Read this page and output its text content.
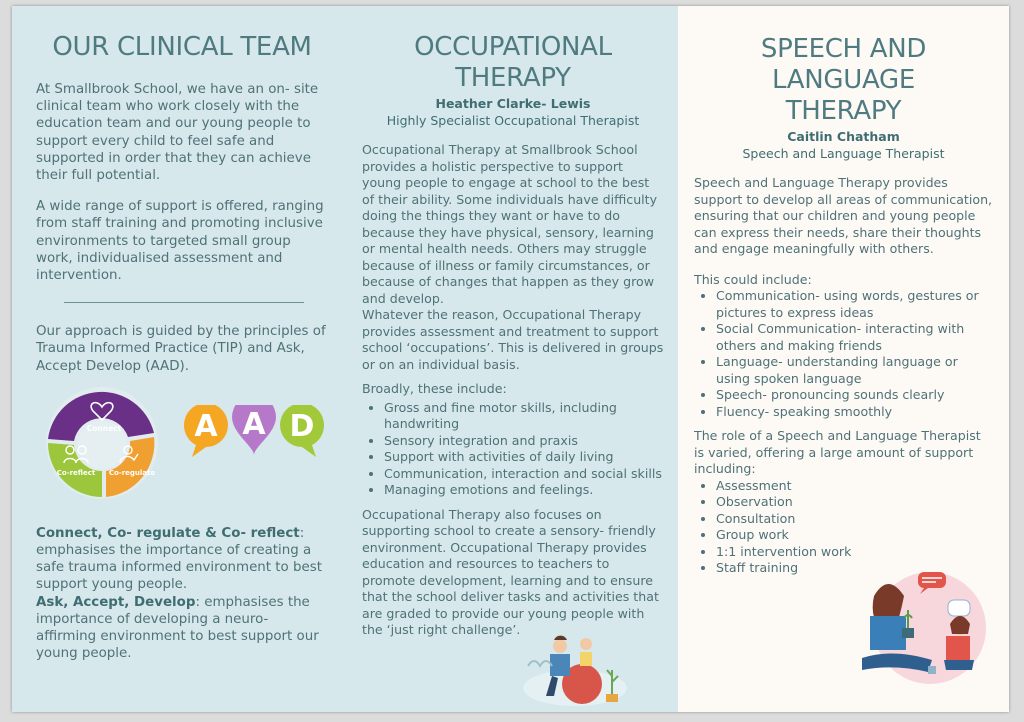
OUR CLINICAL TEAM

At Smallbrook School, we have an on- site clinical team who work closely with the education team and our young people to support every child to feel safe and supported in order that they can achieve their full potential.

A wide range of support is offered, ranging from staff training and promoting inclusive environments to targeted small group work, individualised assessment and intervention.

Our approach is guided by the principles of Trauma Informed Practice (TIP) and Ask, Accept Develop (AAD).

Connect
Co-reflect Co-regulate
A A D

Connect, Co- regulate & Co- reflect: emphasises the importance of creating a safe trauma informed environment to best support young people.

Ask, Accept, Develop: emphasises the importance of developing a neuro-affirming environment to best support our young people.

OCCUPATIONAL THERAPY
Heather Clarke- Lewis
Highly Specialist Occupational Therapist

Occupational Therapy at Smallbrook School provides a holistic perspective to support young people to engage at school to the best of their ability. Some individuals have difficulty doing the things they want or have to do because they have physical, sensory, learning or mental health needs. Others may struggle because of illness or family circumstances, or because of changes that happen as they grow and develop.

Whatever the reason, Occupational Therapy provides assessment and treatment to support school ‘occupations’. This is delivered in groups or on an individual basis.

Broadly, these include:

• Gross and fine motor skills, including handwriting
• Sensory integration and praxis
• Support with activities of daily living
• Communication, interaction and social skills
• Managing emotions and feelings.

Occupational Therapy also focuses on supporting school to create a sensory- friendly environment. Occupational Therapy provides education and resources to teachers to promote development, learning and to ensure that the school deliver tasks and activities that are graded to provide our young people with the ‘just right challenge’.

SPEECH AND LANGUAGE THERAPY
Caitlin Chatham
Speech and Language Therapist

Speech and Language Therapy provides support to develop all areas of communication, ensuring that our children and young people can express their needs, share their thoughts and engage meaningfully with others.

This could include:

• Communication- using words, gestures or pictures to express ideas
• Social Communication- interacting with others and making friends
• Language- understanding language or using spoken language
• Speech- pronouncing sounds clearly
• Fluency- speaking smoothly

The role of a Speech and Language Therapist is varied, offering a large amount of support including:

• Assessment
• Observation
• Consultation
• Group work
• 1:1 intervention work
• Staff training
